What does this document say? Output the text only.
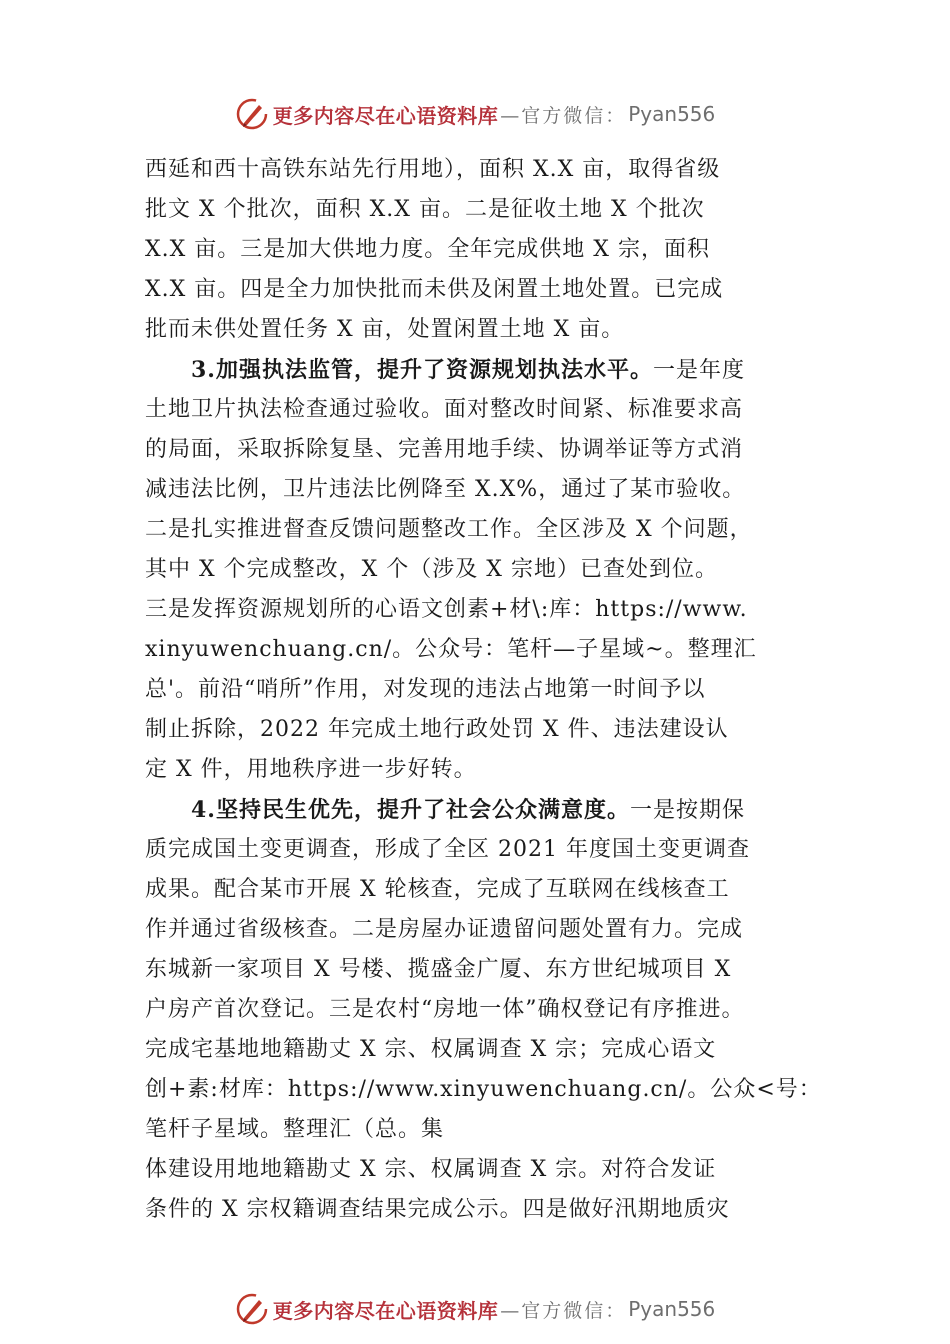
更多内容尽在心语资料库 —官方微信： Pyan556
西延和西十高铁东站先行用地），面积 X.X 亩，取得省级
批文 X 个批次，面积 X.X 亩。二是征收土地 X 个批次
X.X 亩。三是加大供地力度。全年完成供地 X 宗，面积
X.X 亩。四是全力加快批而未供及闲置土地处置。已完成
批而未供处置任务 X 亩，处置闲置土地 X 亩。
3.加强执法监管，提升了资源规划执法水平。一是年度
土地卫片执法检查通过验收。面对整改时间紧、标准要求高
的局面，采取拆除复垦、完善用地手续、协调举证等方式消
减违法比例，卫片违法比例降至 X.X%，通过了某市验收。
二是扎实推进督查反馈问题整改工作。全区涉及 X 个问题，
其中 X 个完成整改，X 个（涉及 X 宗地）已查处到位。
三是发挥资源规划所的心语文创素+材\:库：https://www.
xinyuwenchuang.cn/。公众号：笔杆—子星域~。整理汇
总'。前沿“哨所”作用，对发现的违法占地第一时间予以
制止拆除，2022 年完成土地行政处罚 X 件、违法建设认
定 X 件，用地秩序进一步好转。
4.坚持民生优先，提升了社会公众满意度。一是按期保
质完成国土变更调查，形成了全区 2021 年度国土变更调查
成果。配合某市开展 X 轮核查，完成了互联网在线核查工
作并通过省级核查。二是房屋办证遗留问题处置有力。完成
东城新一家项目 X 号楼、揽盛金广厦、东方世纪城项目 X
户房产首次登记。三是农村“房地一体”确权登记有序推进。
完成宅基地地籍勘丈 X 宗、权属调查 X 宗；完成心语文
创+素:材库：https://www.xinyuwenchuang.cn/。公众<号：
笔杆子星域。整理汇（总。集
体建设用地地籍勘丈 X 宗、权属调查 X 宗。对符合发证
条件的 X 宗权籍调查结果完成公示。四是做好汛期地质灾
更多内容尽在心语资料库 —官方微信： Pyan556
